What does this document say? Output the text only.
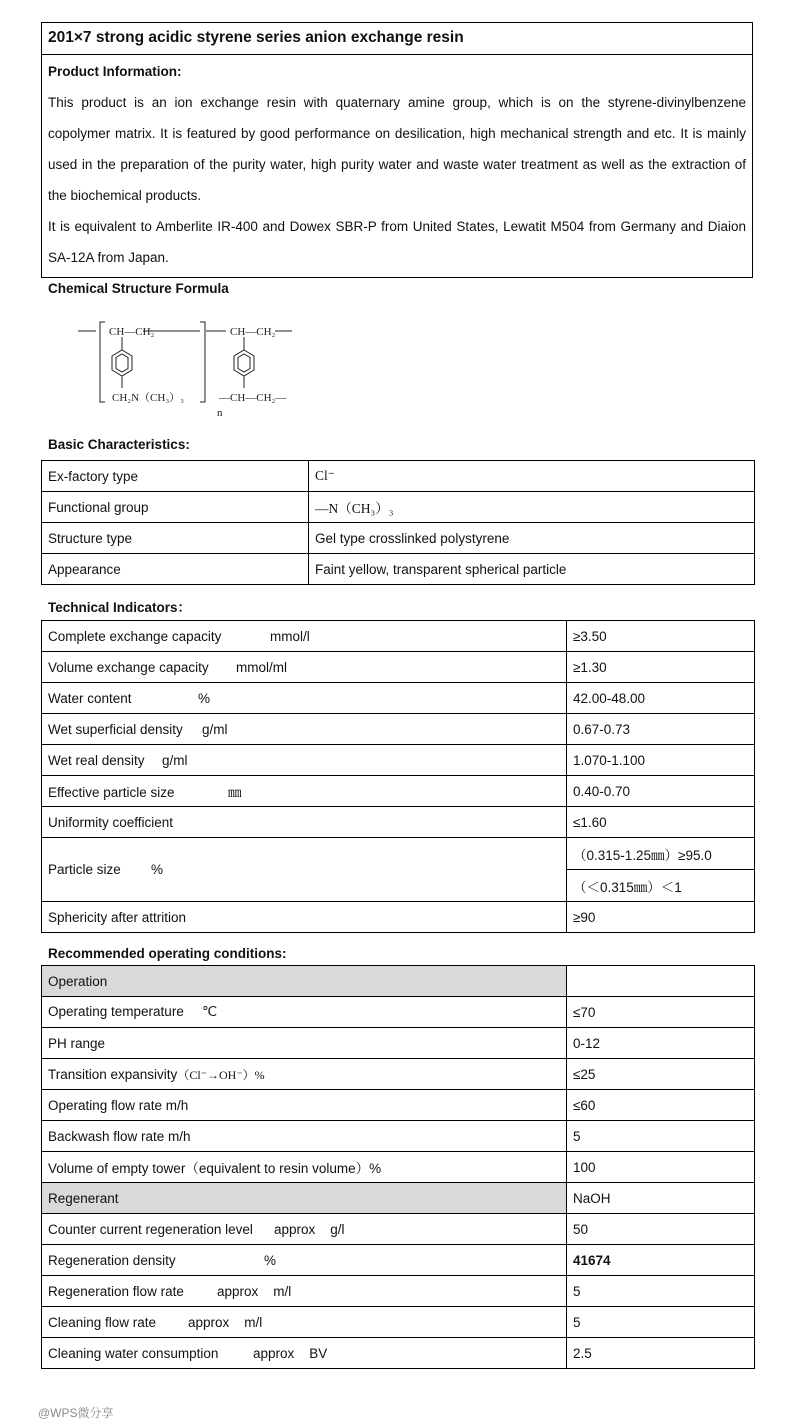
201×7 strong acidic styrene series anion exchange resin
Product Information:

This product is an ion exchange resin with quaternary amine group, which is on the styrene-divinylbenzene copolymer matrix. It is featured by good performance on desilication, high mechanical strength and etc. It is mainly used in the preparation of the purity water, high purity water and waste water treatment as well as the extraction of the biochemical products.

It is equivalent to Amberlite IR-400 and Dowex SBR-P from United States, Lewatit M504 from Germany and Diaion SA-12A from Japan.

Chemical Structure Formula
CH—CH₂	CH—CH₂
CH₂N（CH₃）₃	—CH—CH₂—
n
Basic Characteristics:
Ex-factory type	Cl⁻
Functional group	—N（CH₃）₃
Structure type	Gel type crosslinked polystyrene
Appearance	Faint yellow, transparent spherical particle
Technical Indicators：
Complete exchange capacity mmol/l	≥3.50
Volume exchange capacity mmol/ml	≥1.30
Water content %	42.00-48.00
Wet superficial density g/ml	0.67-0.73
Wet real density g/ml	1.070-1.100
Effective particle size ㎜	0.40-0.70
Uniformity coefficient	≤1.60
Particle size %	（0.315-1.25㎜）≥95.0
	（＜0.315㎜）＜1
Sphericity after attrition	≥90
Recommended operating conditions:
Operation	
Operating temperature ℃	≤70
PH range	0-12
Transition expansivity（Cl⁻→OH⁻）%	≤25
Operating flow rate m/h	≤60
Backwash flow rate m/h	5
Volume of empty tower（equivalent to resin volume）%	100
Regenerant	NaOH
Counter current regeneration level approx    g/l	50
Regeneration density %	41674
Regeneration flow rate approx    m/l	5
Cleaning flow rate approx    m/l	5
Cleaning water consumption approx    BV	2.5
@WPS微分享
